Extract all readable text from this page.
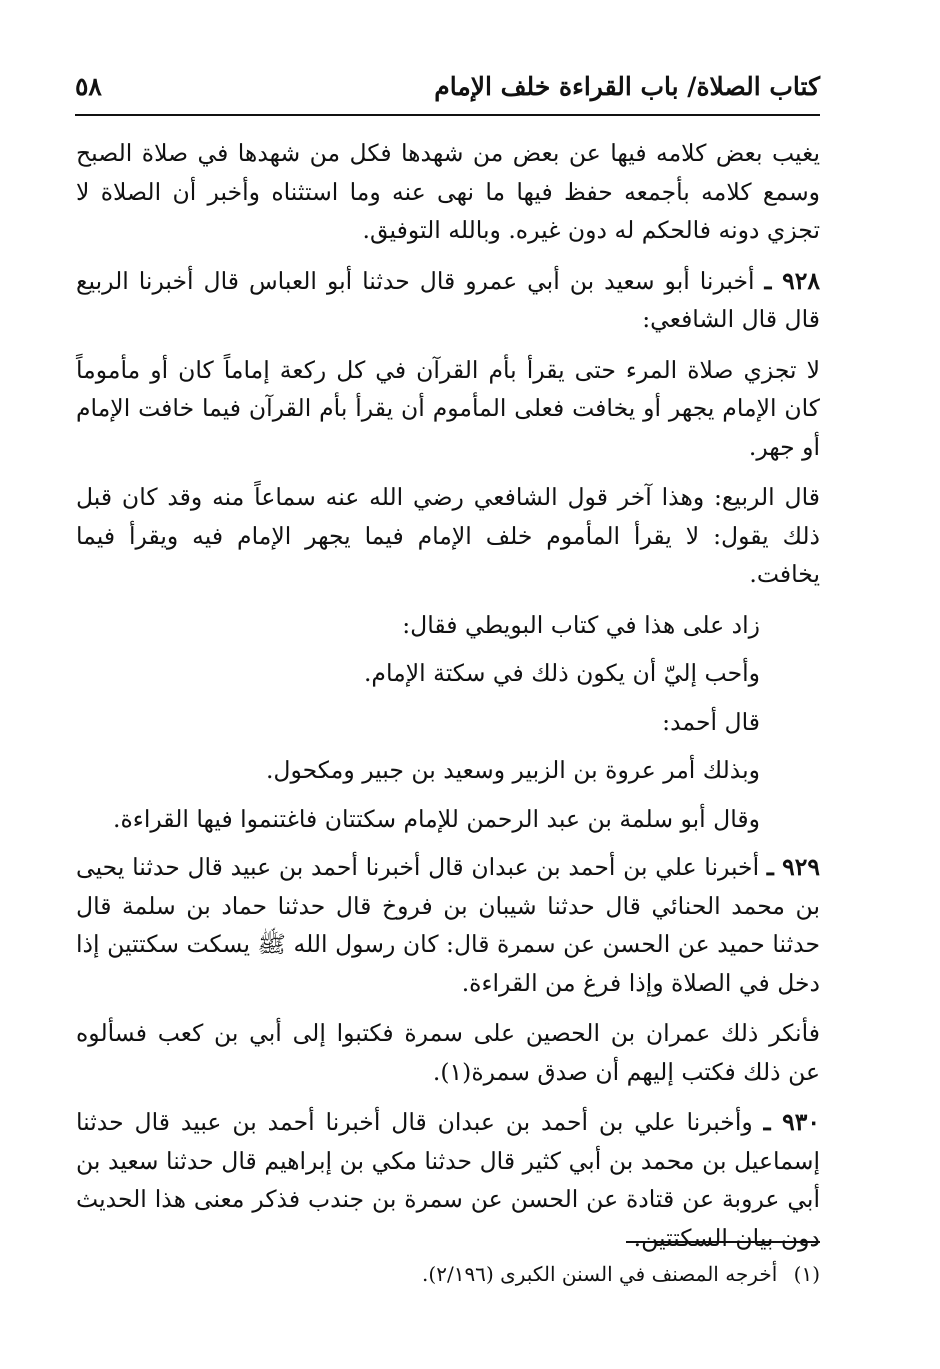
كتاب الصلاة/ باب القراءة خلف الإمام
٥٨

يغيب بعض كلامه فيها عن بعض من شهدها فكل من شهدها في صلاة الصبح وسمع كلامه بأجمعه حفظ فيها ما نهى عنه وما استثناه وأخبر أن الصلاة لا تجزي دونه فالحكم له دون غيره. وبالله التوفيق.

٩٢٨ ـ أخبرنا أبو سعيد بن أبي عمرو قال حدثنا أبو العباس قال أخبرنا الربيع قال قال الشافعي:

لا تجزي صلاة المرء حتى يقرأ بأم القرآن في كل ركعة إماماً كان أو مأموماً كان الإمام يجهر أو يخافت فعلى المأموم أن يقرأ بأم القرآن فيما خافت الإمام أو جهر.

قال الربيع: وهذا آخر قول الشافعي رضي الله عنه سماعاً منه وقد كان قبل ذلك يقول: لا يقرأ المأموم خلف الإمام فيما يجهر الإمام فيه ويقرأ فيما يخافت.

زاد على هذا في كتاب البويطي فقال:

وأحب إليّ أن يكون ذلك في سكتة الإمام.

قال أحمد:

وبذلك أمر عروة بن الزبير وسعيد بن جبير ومكحول.

وقال أبو سلمة بن عبد الرحمن للإمام سكتتان فاغتنموا فيها القراءة.

٩٢٩ ـ أخبرنا علي بن أحمد بن عبدان قال أخبرنا أحمد بن عبيد قال حدثنا يحيى بن محمد الحنائي قال حدثنا شيبان بن فروخ قال حدثنا حماد بن سلمة قال حدثنا حميد عن الحسن عن سمرة قال: كان رسول الله ﷺ يسكت سكتتين إذا دخل في الصلاة وإذا فرغ من القراءة.

فأنكر ذلك عمران بن الحصين على سمرة فكتبوا إلى أبي بن كعب فسألوه عن ذلك فكتب إليهم أن صدق سمرة(١).

٩٣٠ ـ وأخبرنا علي بن أحمد بن عبدان قال أخبرنا أحمد بن عبيد قال حدثنا إسماعيل بن محمد بن أبي كثير قال حدثنا مكي بن إبراهيم قال حدثنا سعيد بن أبي عروبة عن قتادة عن الحسن عن سمرة بن جندب فذكر معنى هذا الحديث دون بيان السكتتين.

(١) أخرجه المصنف في السنن الكبرى (٢/١٩٦).
